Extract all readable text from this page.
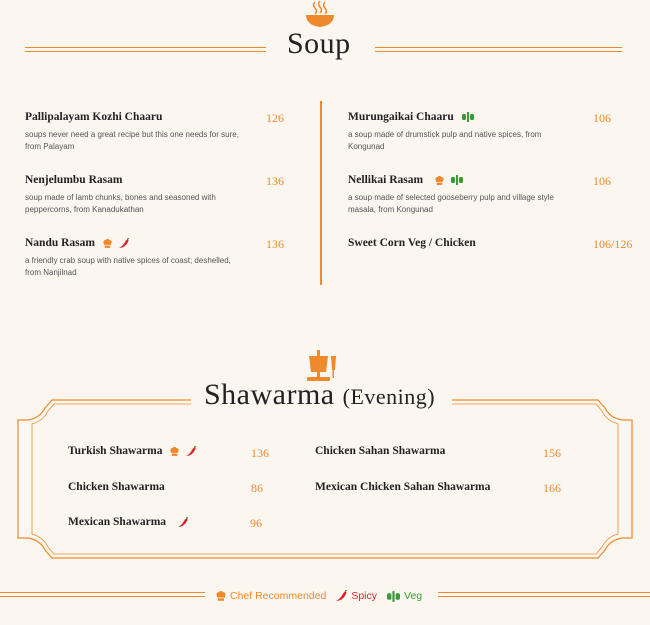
Soup
Pallipalayam Kozhi Chaaru	126
soups never need a great recipe but this one needs for sure, from Palayam
Nenjelumbu Rasam	136
soup made of lamb chunks, bones and seasoned with peppercorns, from Kanadukathan
Nandu Rasam	136
a friendly crab soup with native spices of coast; deshelled, from Nanjilnad
Murungaikai Chaaru	106
a soup made of drumstick pulp and native spices, from Kongunad
Nellikai Rasam	106
a soup made of selected gooseberry pulp and village style masala, from Kongunad
Sweet Corn Veg / Chicken	106/126
Shawarma (Evening)
Turkish Shawarma	136
Chicken Shawarma	86
Mexican Shawarma	96
Chicken Sahan Shawarma	156
Mexican Chicken Sahan Shawarma	166
Chef Recommended Spicy	Veg
